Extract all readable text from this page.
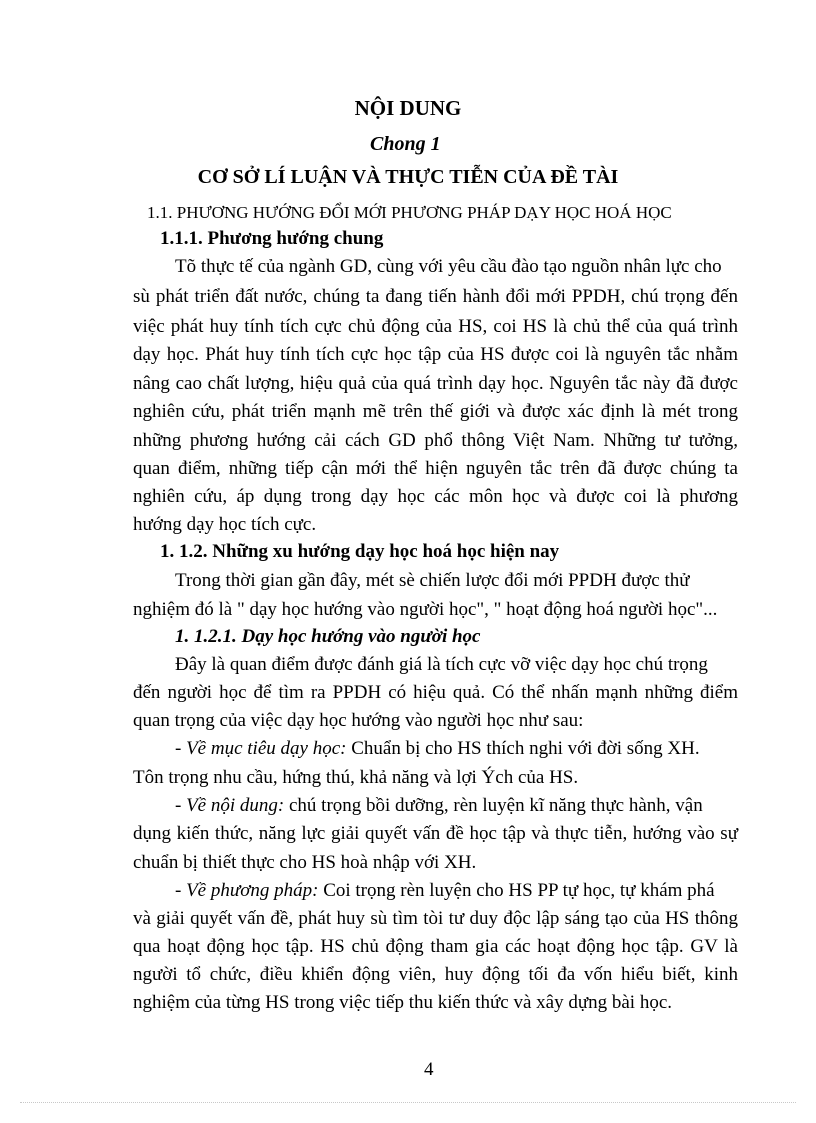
NỘI DUNG
Chong 1
CƠ SỞ LÍ LUẬN VÀ THỰC TIỄN CỦA ĐỀ TÀI
1.1. PHƯƠNG HƯỚNG ĐỔI MỚI PHƯƠNG PHÁP DẠY HỌC HOÁ HỌC
1.1.1. Phương hướng chung
Tõ thực tế của ngành GD, cùng với yêu cầu đào tạo nguồn nhân lực cho
sù phát triển đất nước, chúng ta đang tiến hành đổi mới PPDH, chú trọng đến
việc phát huy tính tích cực chủ động của HS, coi HS là chủ thể của quá trình
dạy học. Phát huy tính tích cực học tập của HS được coi là nguyên tắc nhằm
nâng cao chất lượng, hiệu quả của quá trình dạy học. Nguyên tắc này đã được
nghiên cứu, phát triển mạnh mẽ trên thế giới và được xác định là mét trong
những phương hướng cải cách GD phổ thông Việt Nam. Những tư tưởng,
quan điểm, những tiếp cận mới thể hiện nguyên tắc trên đã được chúng ta
nghiên cứu, áp dụng trong dạy học các môn học và được coi là phương
hướng dạy học tích cực.
1. 1.2. Những xu hướng dạy học hoá học hiện nay
Trong thời gian gần đây, mét sè chiến lược đổi mới PPDH được thử
nghiệm đó là " dạy học hướng vào người học", " hoạt động hoá người học"...
1. 1.2.1. Dạy học hướng vào người học
Đây là quan điểm được đánh giá là tích cực vỡ việc dạy học chú trọng
đến người học để tìm ra PPDH có hiệu quả. Có thể nhấn mạnh những điểm
quan trọng của việc dạy học hướng vào người học như sau:
- Về mục tiêu dạy học: Chuẩn bị cho HS thích nghi với đời sống XH.
Tôn trọng nhu cầu, hứng thú, khả năng và lợi Ých của HS.
- Về nội dung: chú trọng bồi dưỡng, rèn luyện kĩ năng thực hành, vận
dụng kiến thức, năng lực giải quyết vấn đề học tập và thực tiễn, hướng vào sự
chuẩn bị thiết thực cho HS hoà nhập với XH.
- Về phương pháp: Coi trọng rèn luyện cho HS PP tự học, tự khám phá
và giải quyết vấn đề, phát huy sù tìm tòi tư duy độc lập sáng tạo của HS thông
qua hoạt động học tập. HS chủ động tham gia các hoạt động học tập. GV là
người tổ chức, điều khiển động viên, huy động tối đa vốn hiểu biết, kinh
nghiệm của từng HS trong việc tiếp thu kiến thức và xây dựng bài học.
4
